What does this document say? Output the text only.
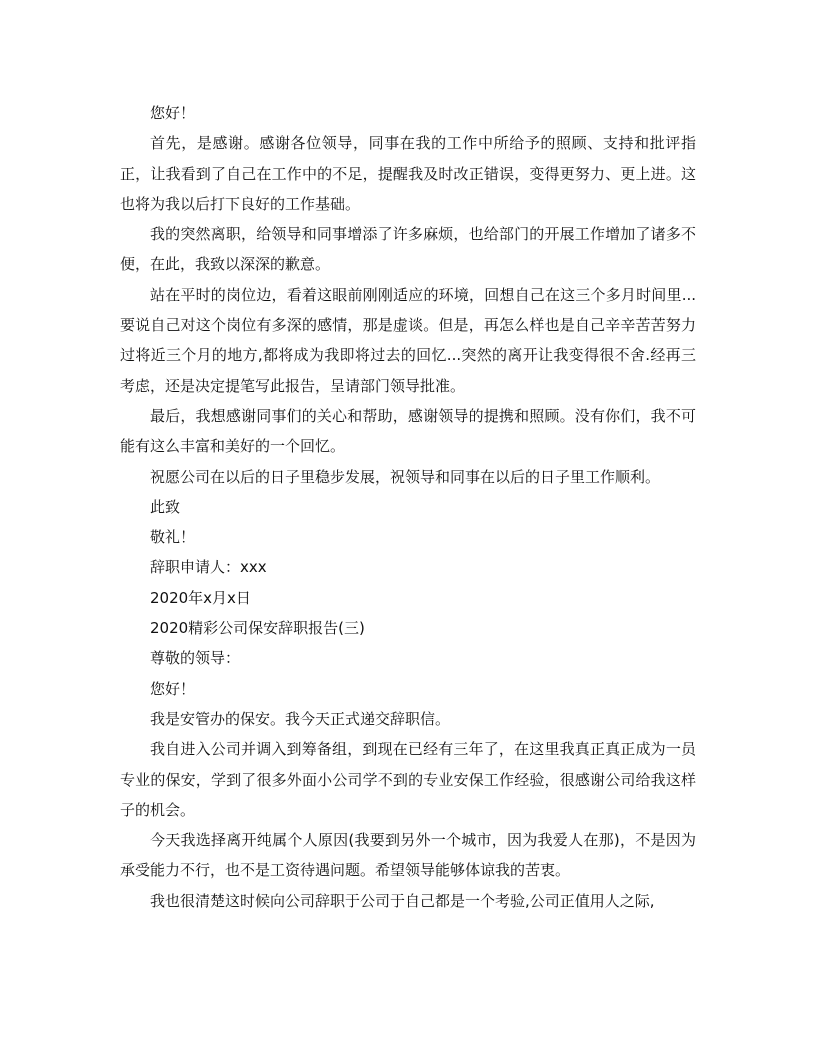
您好！

首先，是感谢。感谢各位领导，同事在我的工作中所给予的照顾、支持和批评指正，让我看到了自己在工作中的不足，提醒我及时改正错误，变得更努力、更上进。这也将为我以后打下良好的工作基础。

我的突然离职，给领导和同事增添了许多麻烦，也给部门的开展工作增加了诸多不便，在此，我致以深深的歉意。

站在平时的岗位边，看着这眼前刚刚适应的环境，回想自己在这三个多月时间里...要说自己对这个岗位有多深的感情，那是虚谈。但是，再怎么样也是自己辛辛苦苦努力过将近三个月的地方,都将成为我即将过去的回忆...突然的离开让我变得很不舍.经再三考虑，还是决定提笔写此报告，呈请部门领导批准。

最后，我想感谢同事们的关心和帮助，感谢领导的提携和照顾。没有你们，我不可能有这么丰富和美好的一个回忆。

祝愿公司在以后的日子里稳步发展，祝领导和同事在以后的日子里工作顺利。

此致

敬礼！

辞职申请人：xxx

2020年x月x日

2020精彩公司保安辞职报告(三)

尊敬的领导：

您好！

我是安管办的保安。我今天正式递交辞职信。

我自进入公司并调入到筹备组，到现在已经有三年了，在这里我真正真正成为一员专业的保安，学到了很多外面小公司学不到的专业安保工作经验，很感谢公司给我这样子的机会。

今天我选择离开纯属个人原因(我要到另外一个城市，因为我爱人在那)，不是因为承受能力不行，也不是工资待遇问题。希望领导能够体谅我的苦衷。

我也很清楚这时候向公司辞职于公司于自己都是一个考验,公司正值用人之际,
